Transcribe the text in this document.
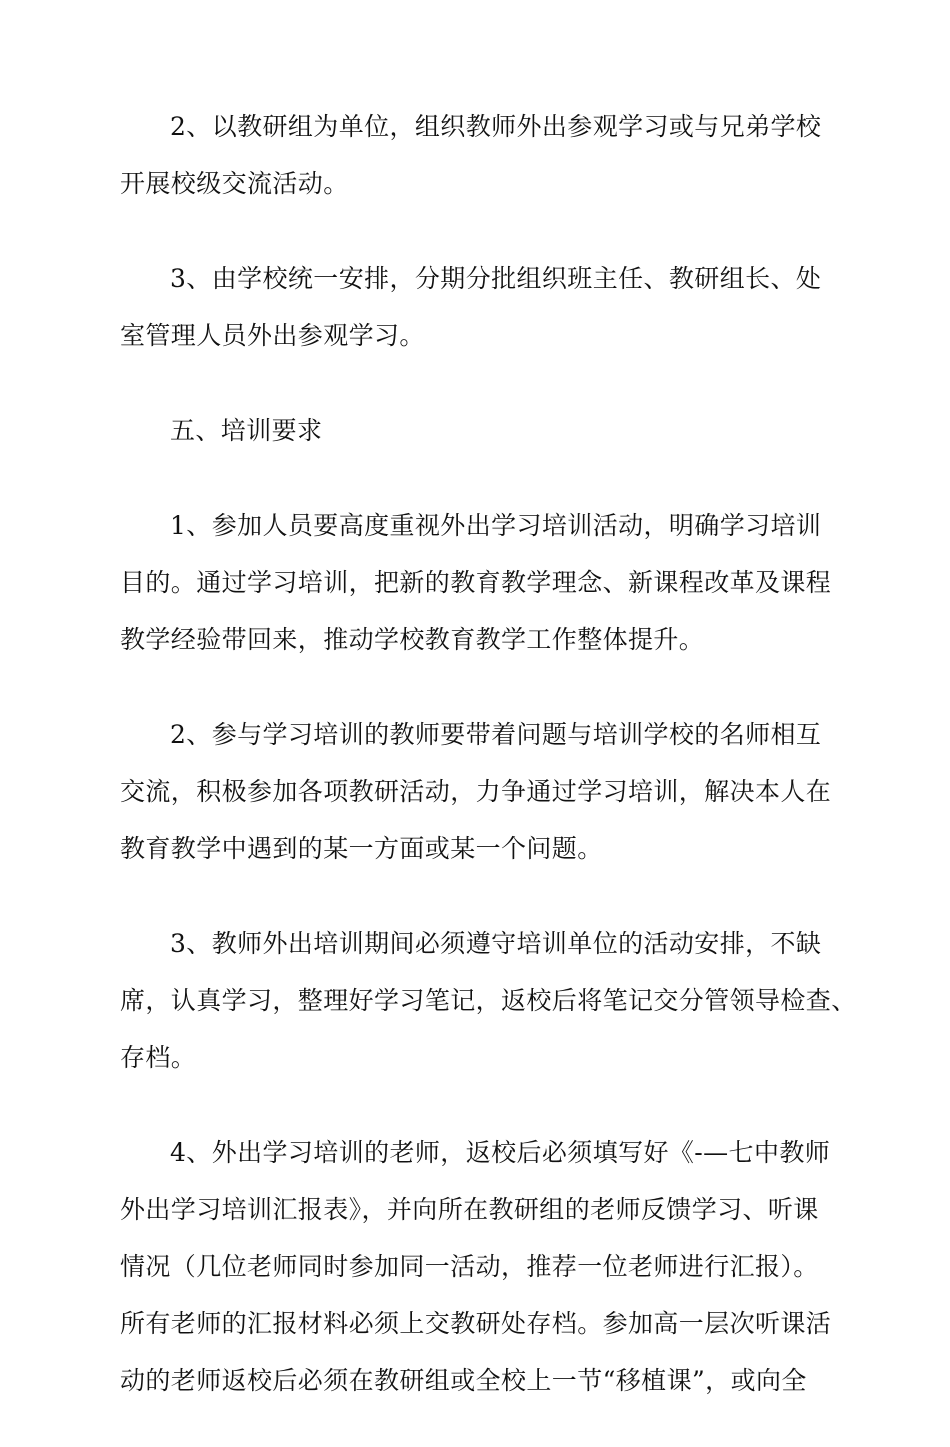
2、以教研组为单位，组织教师外出参观学习或与兄弟学校
开展校级交流活动。

3、由学校统一安排，分期分批组织班主任、教研组长、处
室管理人员外出参观学习。

五、培训要求

1、参加人员要高度重视外出学习培训活动，明确学习培训
目的。通过学习培训，把新的教育教学理念、新课程改革及课程
教学经验带回来，推动学校教育教学工作整体提升。

2、参与学习培训的教师要带着问题与培训学校的名师相互
交流，积极参加各项教研活动，力争通过学习培训，解决本人在
教育教学中遇到的某一方面或某一个问题。

3、教师外出培训期间必须遵守培训单位的活动安排，不缺
席，认真学习，整理好学习笔记，返校后将笔记交分管领导检查、
存档。

4、外出学习培训的老师，返校后必须填写好《-—七中教师
外出学习培训汇报表》，并向所在教研组的老师反馈学习、听课
情况（几位老师同时参加同一活动，推荐一位老师进行汇报）。
所有老师的汇报材料必须上交教研处存档。参加高一层次听课活
动的老师返校后必须在教研组或全校上一节“移植课”，或向全
